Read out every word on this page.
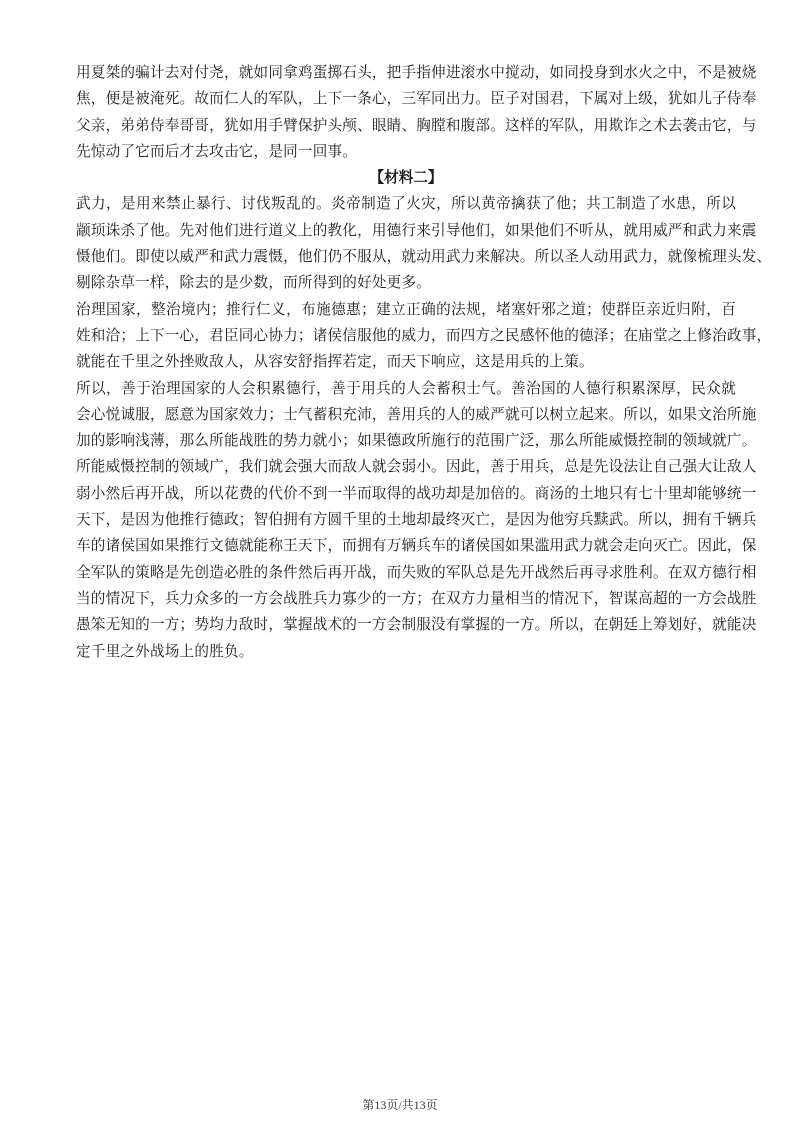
用夏桀的骗计去对付尧，就如同拿鸡蛋掷石头，把手指伸进滚水中搅动，如同投身到水火之中，不是被烧
焦，便是被淹死。故而仁人的军队，上下一条心，三军同出力。臣子对国君，下属对上级，犹如儿子侍奉
父亲，弟弟侍奉哥哥，犹如用手臂保护头颅、眼睛、胸膛和腹部。这样的军队，用欺诈之术去袭击它，与
先惊动了它而后才去攻击它，是同一回事。
【材料二】
武力，是用来禁止暴行、讨伐叛乱的。炎帝制造了火灾，所以黄帝擒获了他；共工制造了水患，所以
颛顼诛杀了他。先对他们进行道义上的教化，用德行来引导他们，如果他们不听从，就用威严和武力来震
慑他们。即使以威严和武力震慑，他们仍不服从，就动用武力来解决。所以圣人动用武力，就像梳理头发、
剔除杂草一样，除去的是少数，而所得到的好处更多。
治理国家，整治境内；推行仁义，布施德惠；建立正确的法规，堵塞奸邪之道；使群臣亲近归附，百
姓和洽；上下一心，君臣同心协力；诸侯信服他的威力，而四方之民感怀他的德泽；在庙堂之上修治政事，
就能在千里之外挫败敌人，从容安舒指挥若定，而天下响应，这是用兵的上策。
所以，善于治理国家的人会积累德行，善于用兵的人会蓄积士气。善治国的人德行积累深厚，民众就
会心悦诚服，愿意为国家效力；士气蓄积充沛，善用兵的人的威严就可以树立起来。所以，如果文治所施
加的影响浅薄，那么所能战胜的势力就小；如果德政所施行的范围广泛，那么所能威慑控制的领域就广。
所能威慑控制的领域广，我们就会强大而敌人就会弱小。因此，善于用兵，总是先设法让自己强大让敌人
弱小然后再开战，所以花费的代价不到一半而取得的战功却是加倍的。商汤的土地只有七十里却能够统一
天下，是因为他推行德政；智伯拥有方圆千里的土地却最终灭亡，是因为他穷兵黩武。所以，拥有千辆兵
车的诸侯国如果推行文德就能称王天下，而拥有万辆兵车的诸侯国如果滥用武力就会走向灭亡。因此，保
全军队的策略是先创造必胜的条件然后再开战，而失败的军队总是先开战然后再寻求胜利。在双方德行相
当的情况下，兵力众多的一方会战胜兵力寡少的一方；在双方力量相当的情况下，智谋高超的一方会战胜
愚笨无知的一方；势均力敌时，掌握战术的一方会制服没有掌握的一方。所以，在朝廷上筹划好，就能决
定千里之外战场上的胜负。
第13页/共13页
